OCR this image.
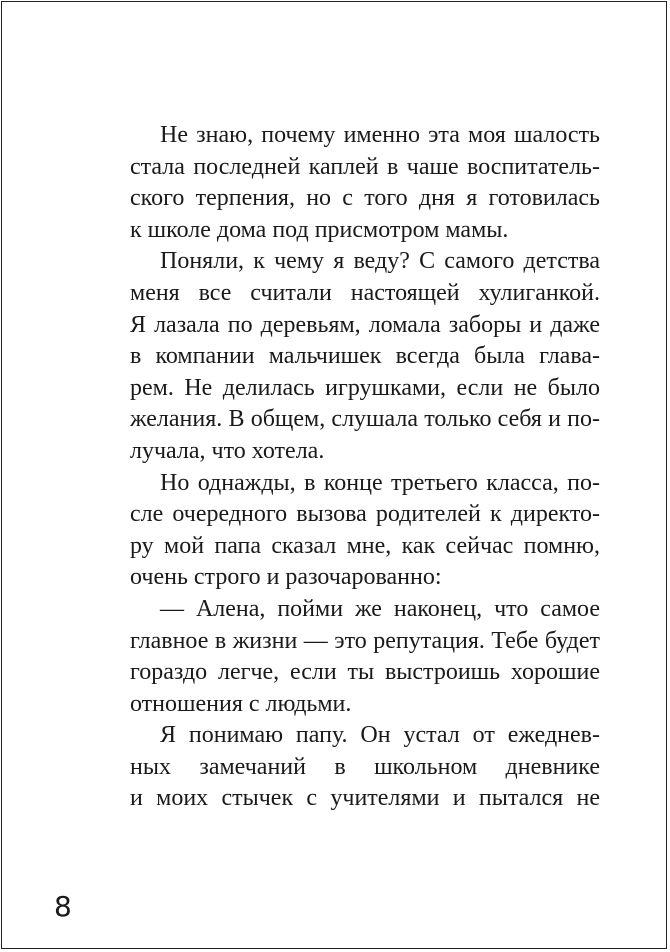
Не знаю, почему именно эта моя шалость
стала последней каплей в чаше воспитатель-
ского терпения, но с того дня я готовилась
к школе дома под присмотром мамы.

Поняли, к чему я веду? С самого детства
меня все считали настоящей хулиганкой.
Я лазала по деревьям, ломала заборы и даже
в компании мальчишек всегда была глава-
рем. Не делилась игрушками, если не было
желания. В общем, слушала только себя и по-
лучала, что хотела.

Но однажды, в конце третьего класса, по-
сле очередного вызова родителей к директо-
ру мой папа сказал мне, как сейчас помню,
очень строго и разочарованно:

— Алена, пойми же наконец, что самое
главное в жизни — это репутация. Тебе будет
гораздо легче, если ты выстроишь хорошие
отношения с людьми.

Я понимаю папу. Он устал от ежеднев-
ных замечаний в школьном дневнике
и моих стычек с учителями и пытался не

8
